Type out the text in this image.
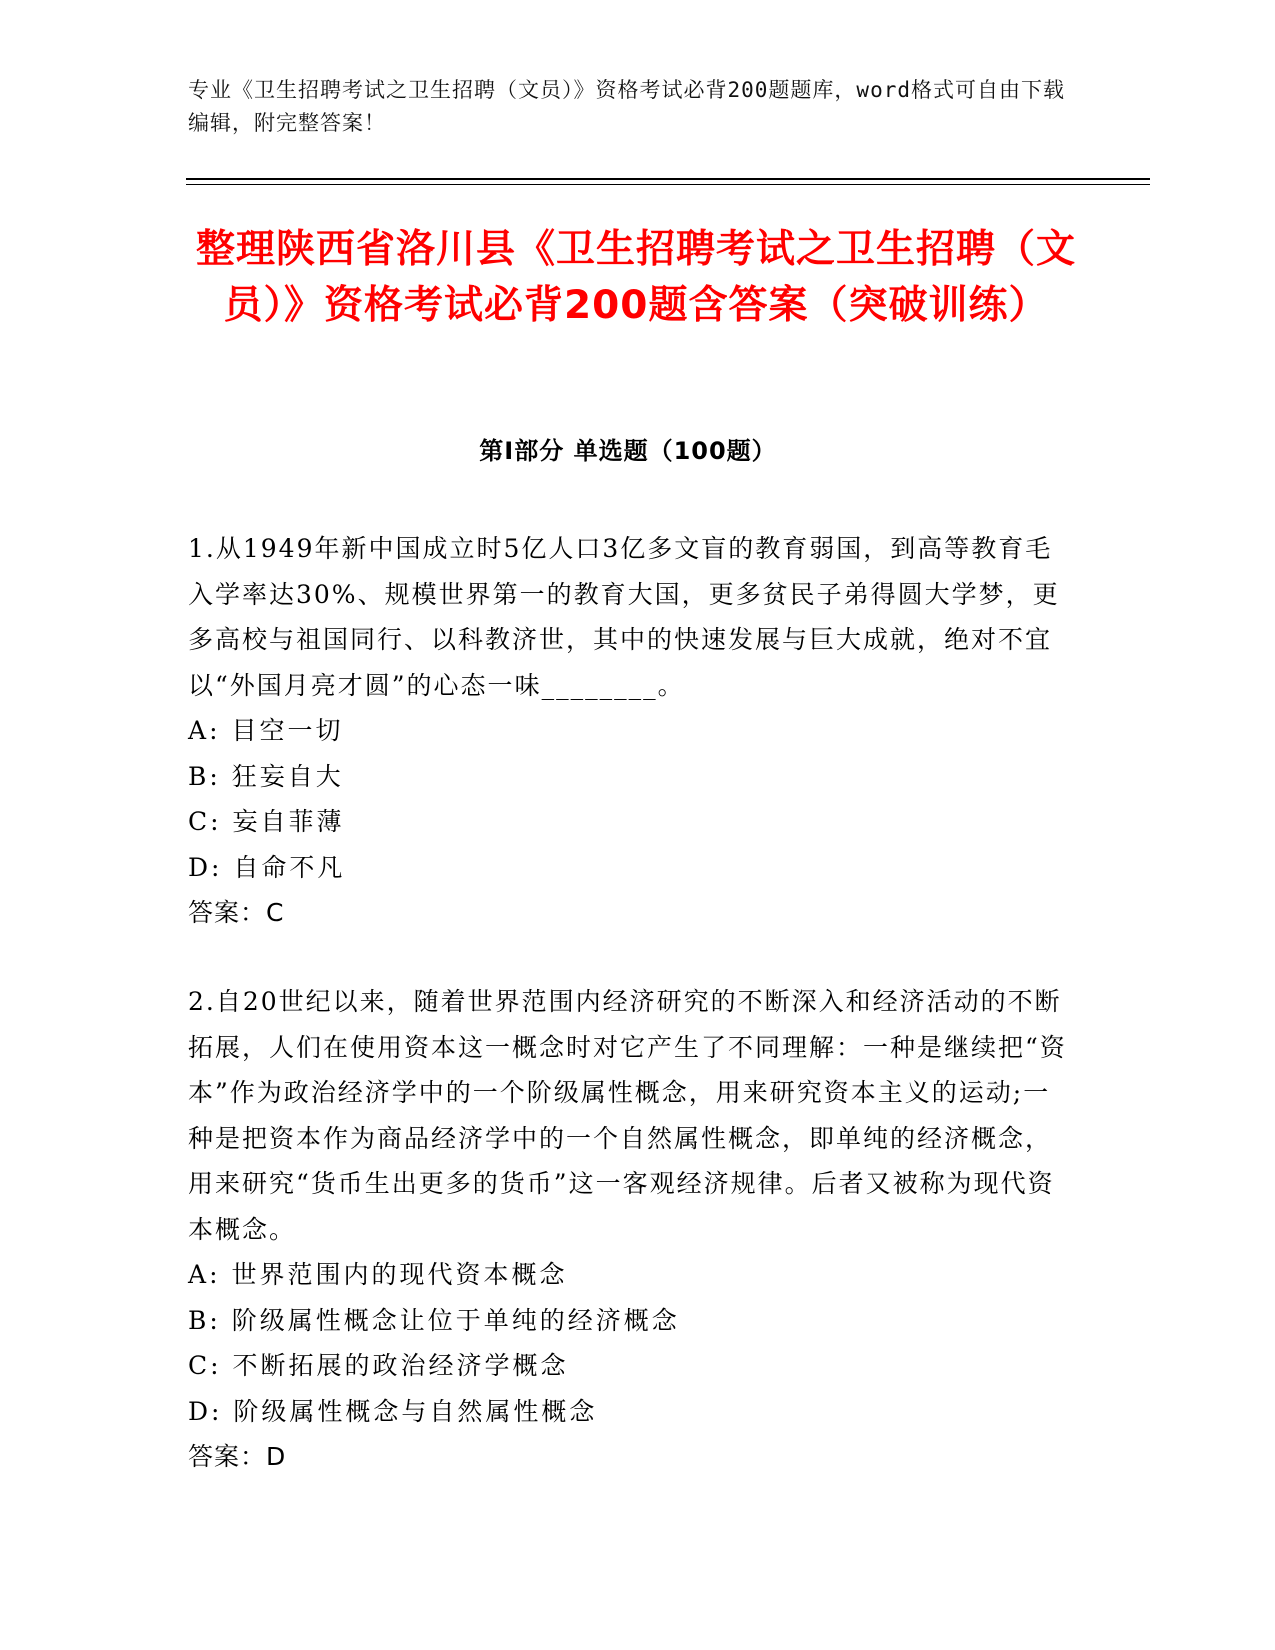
专业《卫生招聘考试之卫生招聘（文员）》资格考试必背200题题库，word格式可自由下载编辑，附完整答案！
整理陕西省洛川县《卫生招聘考试之卫生招聘（文员）》资格考试必背200题含答案（突破训练）
第Ⅰ部分 单选题（100题）

1.从1949年新中国成立时5亿人口3亿多文盲的教育弱国，到高等教育毛入学率达30%、规模世界第一的教育大国，更多贫民子弟得圆大学梦，更多高校与祖国同行、以科教济世，其中的快速发展与巨大成就，绝对不宜以“外国月亮才圆”的心态一味________。

A: 目空一切

B: 狂妄自大

C: 妄自菲薄

D: 自命不凡

答案：C

2.自20世纪以来，随着世界范围内经济研究的不断深入和经济活动的不断拓展，人们在使用资本这一概念时对它产生了不同理解：一种是继续把“资本”作为政治经济学中的一个阶级属性概念，用来研究资本主义的运动;一种是把资本作为商品经济学中的一个自然属性概念，即单纯的经济概念，用来研究“货币生出更多的货币”这一客观经济规律。后者又被称为现代资本概念。

A: 世界范围内的现代资本概念

B: 阶级属性概念让位于单纯的经济概念

C: 不断拓展的政治经济学概念

D: 阶级属性概念与自然属性概念

答案：D
